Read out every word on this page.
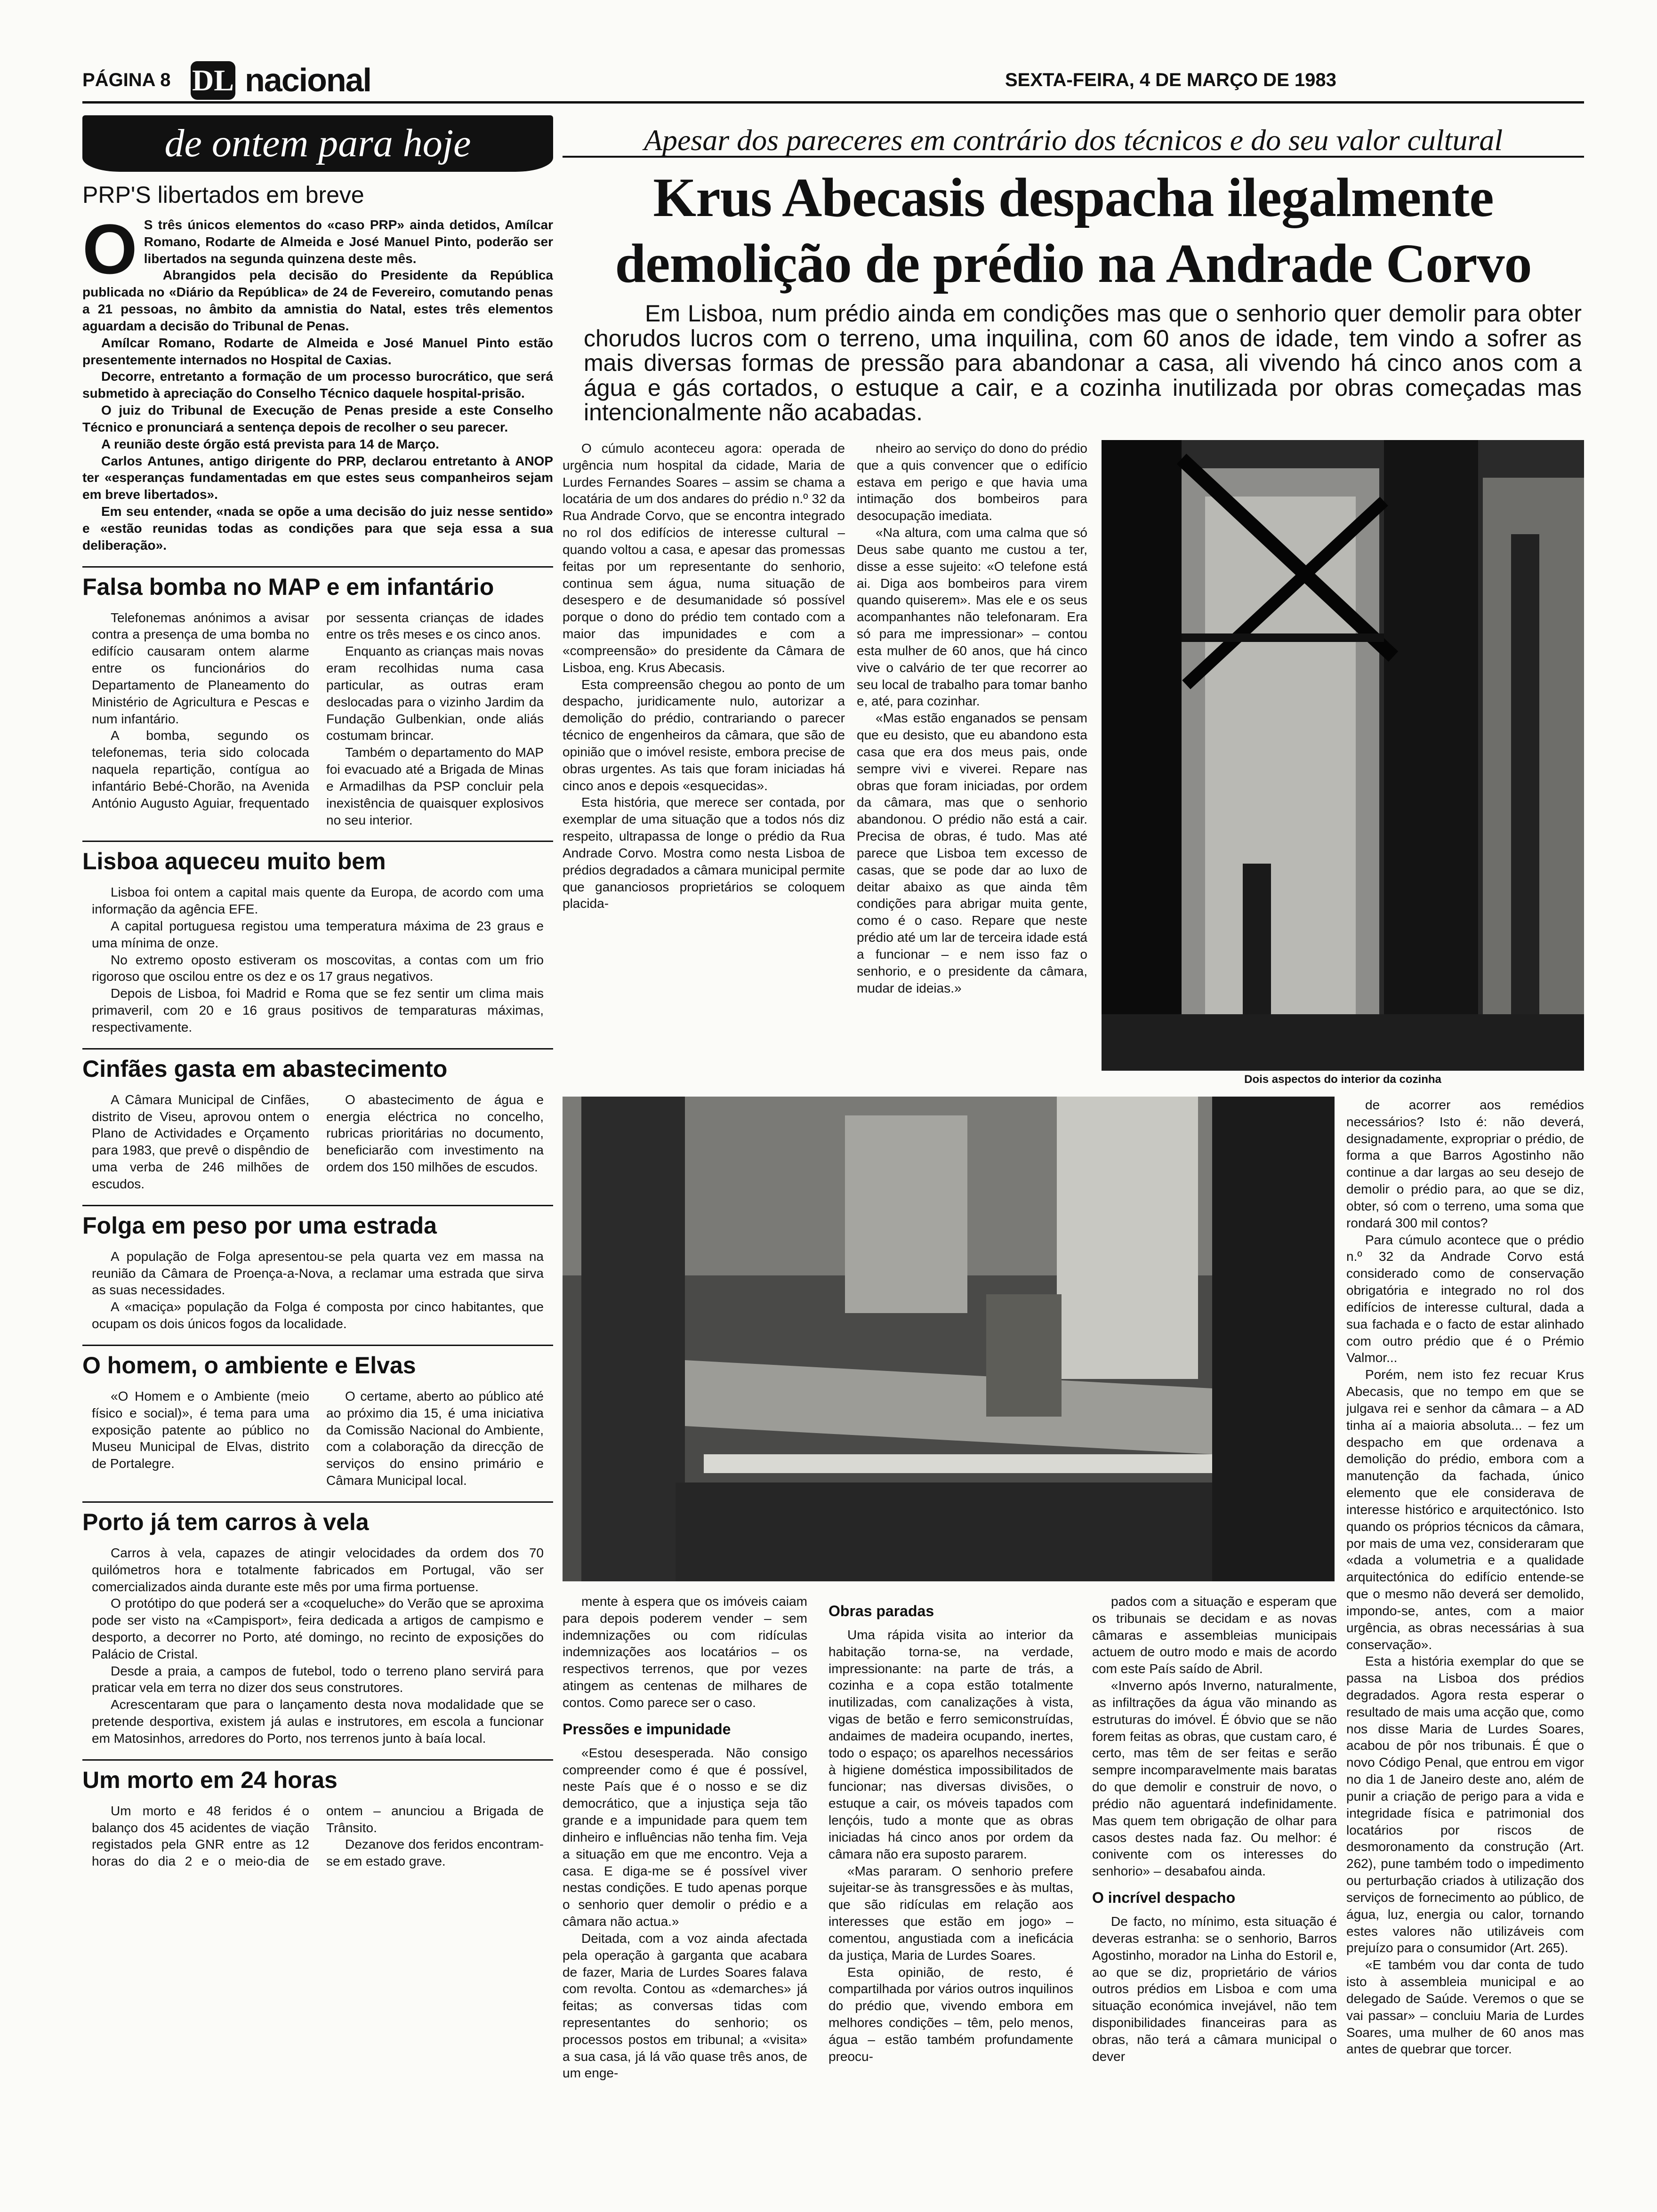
PÁGINA 8 DL nacional	SEXTA-FEIRA, 4 DE MARÇO DE 1983
de ontem para hoje
PRP'S libertados em breve

O S três únicos elementos do «caso PRP» ainda detidos, Amílcar Romano, Rodarte de Almeida e José Manuel Pinto, poderão ser libertados na segunda quinzena deste mês.

Abrangidos pela decisão do Presidente da República publicada no «Diário da República» de 24 de Fevereiro, comutando penas a 21 pessoas, no âmbito da amnistia do Natal, estes três elementos aguardam a decisão do Tribunal de Penas.

Amílcar Romano, Rodarte de Almeida e José Manuel Pinto estão presentemente internados no Hospital de Caxias.

Decorre, entretanto a formação de um processo burocrático, que será submetido à apreciação do Conselho Técnico daquele hospital-prisão.

O juiz do Tribunal de Execução de Penas preside a este Conselho Técnico e pronunciará a sentença depois de recolher o seu parecer.

A reunião deste órgão está prevista para 14 de Março.

Carlos Antunes, antigo dirigente do PRP, declarou entretanto à ANOP ter «esperanças fundamentadas em que estes seus companheiros sejam em breve libertados».

Em seu entender, «nada se opõe a uma decisão do juiz nesse sentido» e «estão reunidas todas as condições para que seja essa a sua deliberação».

Falsa bomba no MAP e em infantário

Telefonemas anónimos a avisar contra a presença de uma bomba no edifício causaram ontem alarme entre os funcionários do Departamento de Planeamento do Ministério de Agricultura e Pescas e num infantário.

A bomba, segundo os telefonemas, teria sido colocada naquela repartição, contígua ao infantário Bebé-Chorão, na Avenida António Augusto Aguiar, frequentado por sessenta crianças de idades entre os três meses e os cinco anos.

Enquanto as crianças mais novas eram recolhidas numa casa particular, as outras eram deslocadas para o vizinho Jardim da Fundação Gulbenkian, onde aliás costumam brincar.

Também o departamento do MAP foi evacuado até a Brigada de Minas e Armadilhas da PSP concluir pela inexistência de quaisquer explosivos no seu interior.

Lisboa aqueceu muito bem

Lisboa foi ontem a capital mais quente da Europa, de acordo com uma informação da agência EFE.

A capital portuguesa registou uma temperatura máxima de 23 graus e uma mínima de onze.

No extremo oposto estiveram os moscovitas, a contas com um frio rigoroso que oscilou entre os dez e os 17 graus negativos.

Depois de Lisboa, foi Madrid e Roma que se fez sentir um clima mais primaveril, com 20 e 16 graus positivos de temparaturas máximas, respectivamente.

Cinfães gasta em abastecimento

A Câmara Municipal de Cinfães, distrito de Viseu, aprovou ontem o Plano de Actividades e Orçamento para 1983, que prevê o dispêndio de uma verba de 246 milhões de escudos.

O abastecimento de água e energia eléctrica no concelho, rubricas prioritárias no documento, beneficiarão com investimento na ordem dos 150 milhões de escudos.

Folga em peso por uma estrada

A população de Folga apresentou-se pela quarta vez em massa na reunião da Câmara de Proença-a-Nova, a reclamar uma estrada que sirva as suas necessidades.

A «maciça» população da Folga é composta por cinco habitantes, que ocupam os dois únicos fogos da localidade.

O homem, o ambiente e Elvas

«O Homem e o Ambiente (meio físico e social)», é tema para uma exposição patente ao público no Museu Municipal de Elvas, distrito de Portalegre.

O certame, aberto ao público até ao próximo dia 15, é uma iniciativa da Comissão Nacional do Ambiente, com a colaboração da direcção de serviços do ensino primário e Câmara Municipal local.

Porto já tem carros à vela

Carros à vela, capazes de atingir velocidades da ordem dos 70 quilómetros hora e totalmente fabricados em Portugal, vão ser comercializados ainda durante este mês por uma firma portuense.

O protótipo do que poderá ser a «coqueluche» do Verão que se aproxima pode ser visto na «Campisport», feira dedicada a artigos de campismo e desporto, a decorrer no Porto, até domingo, no recinto de exposições do Palácio de Cristal.

Desde a praia, a campos de futebol, todo o terreno plano servirá para praticar vela em terra no dizer dos seus construtores.

Acrescentaram que para o lançamento desta nova modalidade que se pretende desportiva, existem já aulas e instrutores, em escola a funcionar em Matosinhos, arredores do Porto, nos terrenos junto à baía local.

Um morto em 24 horas

Um morto e 48 feridos é o balanço dos 45 acidentes de viação registados pela GNR entre as 12 horas do dia 2 e o meio-dia de ontem – anunciou a Brigada de Trânsito.

Dezanove dos feridos encontram-se em estado grave.

Apesar dos pareceres em contrário dos técnicos e do seu valor cultural
Krus Abecasis despacha ilegalmente
demolição de prédio na Andrade Corvo

Em Lisboa, num prédio ainda em condições mas que o senhorio quer demolir para obter chorudos lucros com o terreno, uma inquilina, com 60 anos de idade, tem vindo a sofrer as mais diversas formas de pressão para abandonar a casa, ali vivendo há cinco anos com a água e gás cortados, o estuque a cair, e a cozinha inutilizada por obras começadas mas intencionalmente não acabadas.

O cúmulo aconteceu agora: operada de urgência num hospital da cidade, Maria de Lurdes Fernandes Soares – assim se chama a locatária de um dos andares do prédio n.º 32 da Rua Andrade Corvo, que se encontra integrado no rol dos edifícios de interesse cultural – quando voltou a casa, e apesar das promessas feitas por um representante do senhorio, continua sem água, numa situação de desespero e de desumanidade só possível porque o dono do prédio tem contado com a maior das impunidades e com a «compreensão» do presidente da Câmara de Lisboa, eng. Krus Abecasis.

Esta compreensão chegou ao ponto de um despacho, juridicamente nulo, autorizar a demolição do prédio, contrariando o parecer técnico de engenheiros da câmara, que são de opinião que o imóvel resiste, embora precise de obras urgentes. As tais que foram iniciadas há cinco anos e depois «esquecidas».

Esta história, que merece ser contada, por exemplar de uma situação que a todos nós diz respeito, ultrapassa de longe o prédio da Rua Andrade Corvo. Mostra como nesta Lisboa de prédios degradados a câmara municipal permite que gananciosos proprietários se coloquem placida-

nheiro ao serviço do dono do prédio que a quis convencer que o edifício estava em perigo e que havia uma intimação dos bombeiros para desocupação imediata.

«Na altura, com uma calma que só Deus sabe quanto me custou a ter, disse a esse sujeito: «O telefone está ai. Diga aos bombeiros para virem quando quiserem». Mas ele e os seus acompanhantes não telefonaram. Era só para me impressionar» – contou esta mulher de 60 anos, que há cinco vive o calvário de ter que recorrer ao seu local de trabalho para tomar banho e, até, para cozinhar.

«Mas estão enganados se pensam que eu desisto, que eu abandono esta casa que era dos meus pais, onde sempre vivi e viverei. Repare nas obras que foram iniciadas, por ordem da câmara, mas que o senhorio abandonou. O prédio não está a cair. Precisa de obras, é tudo. Mas até parece que Lisboa tem excesso de casas, que se pode dar ao luxo de deitar abaixo as que ainda têm condições para abrigar muita gente, como é o caso. Repare que neste prédio até um lar de terceira idade está a funcionar – e nem isso faz o senhorio, e o presidente da câmara, mudar de ideias.»

Dois aspectos do interior da cozinha

de acorrer aos remédios necessários? Isto é: não deverá, designadamente, expropriar o prédio, de forma a que Barros Agostinho não continue a dar largas ao seu desejo de demolir o prédio para, ao que se diz, obter, só com o terreno, uma soma que rondará 300 mil contos?

Para cúmulo acontece que o prédio n.º 32 da Andrade Corvo está considerado como de conservação obrigatória e integrado no rol dos edifícios de interesse cultural, dada a sua fachada e o facto de estar alinhado com outro prédio que é o Prémio Valmor...

Porém, nem isto fez recuar Krus Abecasis, que no tempo em que se julgava rei e senhor da câmara – a AD tinha aí a maioria absoluta... – fez um despacho em que ordenava a demolição do prédio, embora com a manutenção da fachada, único elemento que ele considerava de interesse histórico e arquitectónico. Isto quando os próprios técnicos da câmara, por mais de uma vez, consideraram que «dada a volumetria e a qualidade arquitectónica do edifício entende-se que o mesmo não deverá ser demolido, impondo-se, antes, com a maior urgência, as obras necessárias à sua conservação».

Esta a história exemplar do que se passa na Lisboa dos prédios degradados. Agora resta esperar o resultado de mais uma acção que, como nos disse Maria de Lurdes Soares, acabou de pôr nos tribunais. É que o novo Código Penal, que entrou em vigor no dia 1 de Janeiro deste ano, além de punir a criação de perigo para a vida e integridade física e patrimonial dos locatários por riscos de desmoronamento da construção (Art. 262), pune também todo o impedimento ou perturbação criados à utilização dos serviços de fornecimento ao público, de água, luz, energia ou calor, tornando estes valores não utilizáveis com prejuízo para o consumidor (Art. 265).

«E também vou dar conta de tudo isto à assembleia municipal e ao delegado de Saúde. Veremos o que se vai passar» – concluiu Maria de Lurdes Soares, uma mulher de 60 anos mas antes de quebrar que torcer.

mente à espera que os imóveis caiam para depois poderem vender – sem indemnizações ou com ridículas indemnizações aos locatários – os respectivos terrenos, que por vezes atingem as centenas de milhares de contos. Como parece ser o caso.

Pressões e impunidade

«Estou desesperada. Não consigo compreender como é que é possível, neste País que é o nosso e se diz democrático, que a injustiça seja tão grande e a impunidade para quem tem dinheiro e influências não tenha fim. Veja a situação em que me encontro. Veja a casa. E diga-me se é possível viver nestas condições. E tudo apenas porque o senhorio quer demolir o prédio e a câmara não actua.»

Deitada, com a voz ainda afectada pela operação à garganta que acabara de fazer, Maria de Lurdes Soares falava com revolta. Contou as «demarches» já feitas; as conversas tidas com representantes do senhorio; os processos postos em tribunal; a «visita» a sua casa, já lá vão quase três anos, de um enge-

Obras paradas

Uma rápida visita ao interior da habitação torna-se, na verdade, impressionante: na parte de trás, a cozinha e a copa estão totalmente inutilizadas, com canalizações à vista, vigas de betão e ferro semiconstruídas, andaimes de madeira ocupando, inertes, todo o espaço; os aparelhos necessários à higiene doméstica impossibilitados de funcionar; nas diversas divisões, o estuque a cair, os móveis tapados com lençóis, tudo a monte que as obras iniciadas há cinco anos por ordem da câmara não era suposto pararem.

«Mas pararam. O senhorio prefere sujeitar-se às transgressões e às multas, que são ridículas em relação aos interesses que estão em jogo» – comentou, angustiada com a ineficácia da justiça, Maria de Lurdes Soares.

Esta opinião, de resto, é compartilhada por vários outros inquilinos do prédio que, vivendo embora em melhores condições – têm, pelo menos, água – estão também profundamente preocu-

pados com a situação e esperam que os tribunais se decidam e as novas câmaras e assembleias municipais actuem de outro modo e mais de acordo com este País saído de Abril.

«Inverno após Inverno, naturalmente, as infiltrações da água vão minando as estruturas do imóvel. É óbvio que se não forem feitas as obras, que custam caro, é certo, mas têm de ser feitas e serão sempre incomparavelmente mais baratas do que demolir e construir de novo, o prédio não aguentará indefinidamente. Mas quem tem obrigação de olhar para casos destes nada faz. Ou melhor: é conivente com os interesses do senhorio» – desabafou ainda.

O incrível despacho

De facto, no mínimo, esta situação é deveras estranha: se o senhorio, Barros Agostinho, morador na Linha do Estoril e, ao que se diz, proprietário de vários outros prédios em Lisboa e com uma situação económica invejável, não tem disponibilidades financeiras para as obras, não terá a câmara municipal o dever
